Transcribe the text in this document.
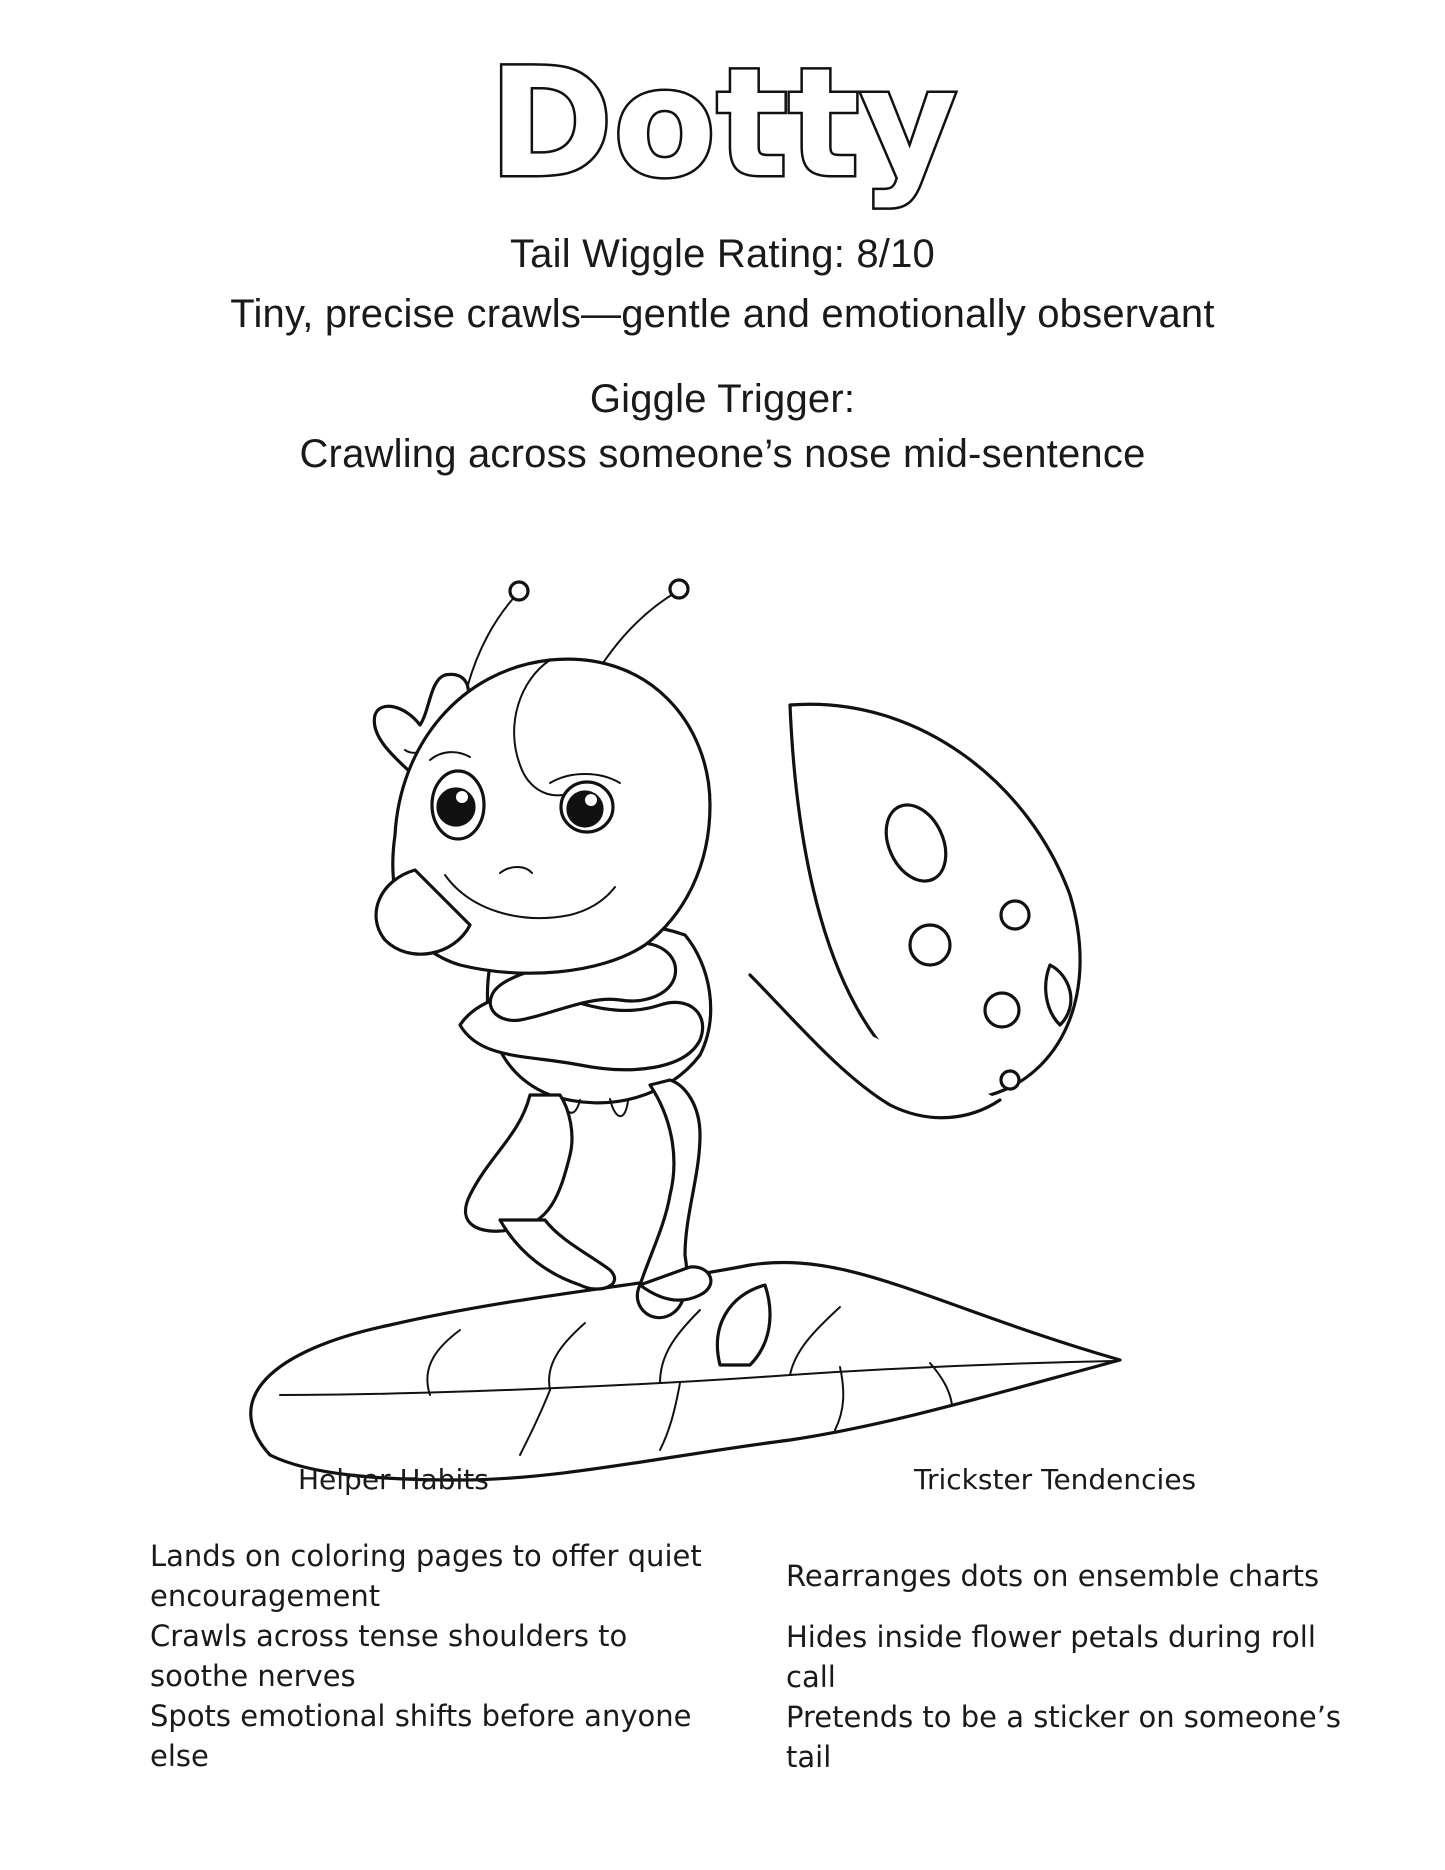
Dotty
Tail Wiggle Rating: 8/10
Tiny, precise crawls—gentle and emotionally observant
Giggle Trigger:
Crawling across someone’s nose mid-sentence
Helper Habits	Trickster Tendencies
Lands on coloring pages to offer quiet encouragement
Crawls across tense shoulders to soothe nerves
Spots emotional shifts before anyone else
Rearranges dots on ensemble charts
Hides inside flower petals during roll call
Pretends to be a sticker on someone’s tail
